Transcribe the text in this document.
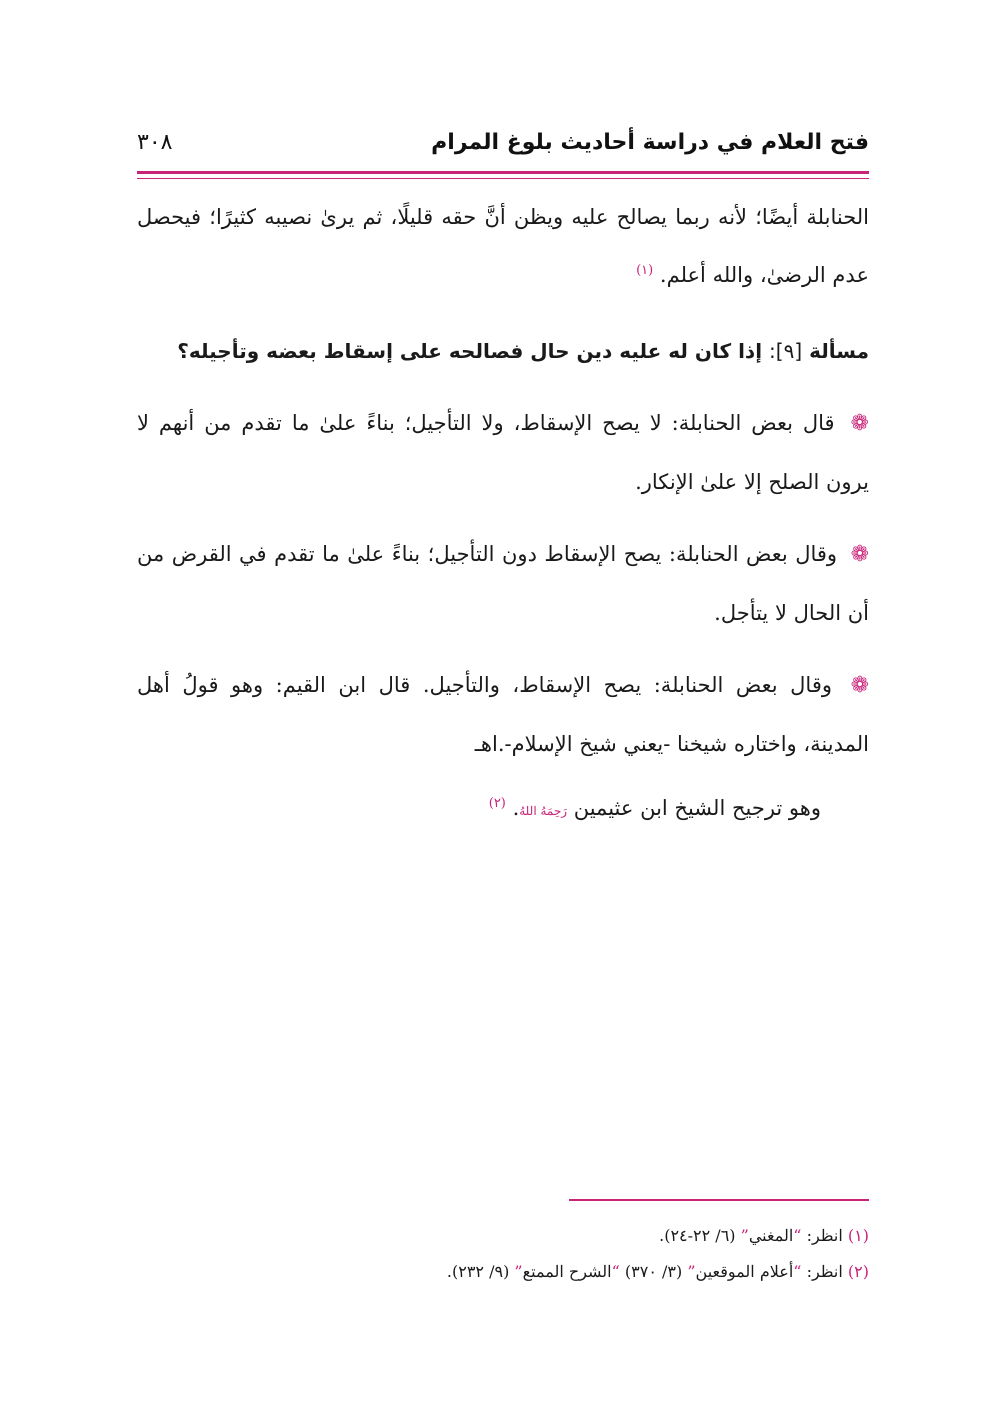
فتح العلام في دراسة أحاديث بلوغ المرام
٣٠٨

الحنابلة أيضًا؛ لأنه ربما يصالح عليه ويظن أنَّ حقه قليلًا، ثم يرىٰ نصيبه كثيرًا؛ فيحصل عدم الرضىٰ، والله أعلم. $^{(١)}$

مسألة [٩]: إذا كان له عليه دين حال فصالحه على إسقاط بعضه وتأجيله؟

❁ قال بعض الحنابلة: لا يصح الإسقاط، ولا التأجيل؛ بناءً علىٰ ما تقدم من أنهم لا يرون الصلح إلا علىٰ الإنكار.

❁ وقال بعض الحنابلة: يصح الإسقاط دون التأجيل؛ بناءً علىٰ ما تقدم في القرض من أن الحال لا يتأجل.

❁ وقال بعض الحنابلة: يصح الإسقاط، والتأجيل. قال ابن القيم: وهو قولُ أهل المدينة، واختاره شيخنا -يعني شيخ الإسلام-.اهـ

وهو ترجيح الشيخ ابن عثيمين رَحِمَهُ اللهُ. $^{(٢)}$

(١) انظر: “المغني” (٦/ ٢٢-٢٤).

(٢) انظر: “أعلام الموقعين” (٣/ ٣٧٠) “الشرح الممتع” (٩/ ٢٣٢).
